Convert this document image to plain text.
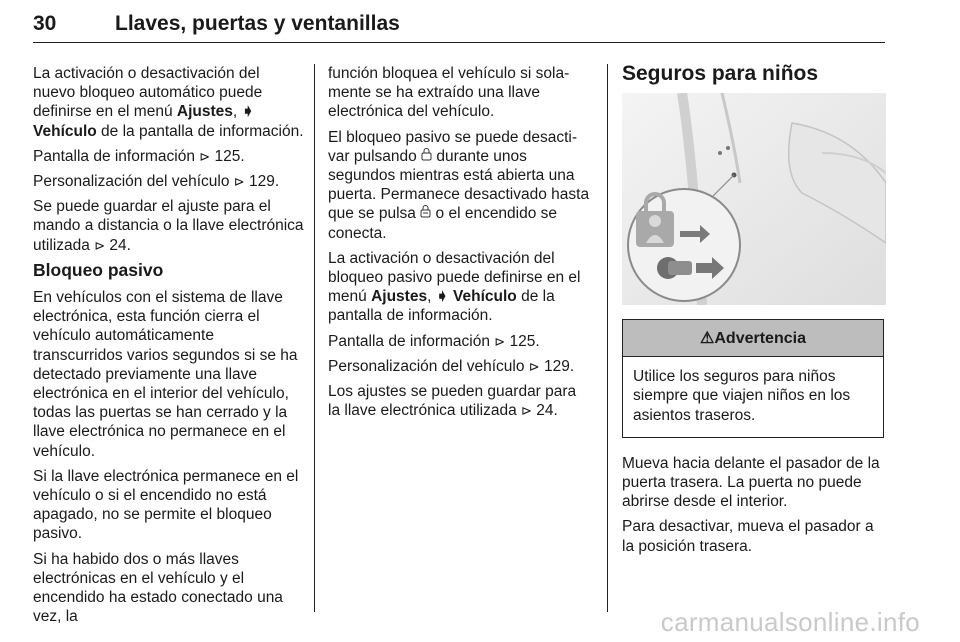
30	Llaves, puertas y ventanillas

La activación o desactivación del nuevo bloqueo automático puede definirse en el menú Ajustes, ➧ Vehículo de la pantalla de información.

Pantalla de información ⊳ 125.

Personalización del vehículo ⊳ 129.

Se puede guardar el ajuste para el mando a distancia o la llave electrónica utilizada ⊳ 24.

Bloqueo pasivo

En vehículos con el sistema de llave electrónica, esta función cierra el vehículo automáticamente transcurridos varios segundos si se ha detectado previamente una llave electrónica en el interior del vehículo, todas las puertas se han cerrado y la llave electrónica no permanece en el vehículo.

Si la llave electrónica permanece en el vehículo o si el encendido no está apagado, no se permite el bloqueo pasivo.

Si ha habido dos o más llaves electrónicas en el vehículo y el encendido ha estado conectado una vez, la

función bloquea el vehículo si solamente se ha extraído una llave electrónica del vehículo.

El bloqueo pasivo se puede desactivar pulsando  durante unos segundos mientras está abierta una puerta. Permanece desactivado hasta que se pulsa  o el encendido se conecta.

La activación o desactivación del bloqueo pasivo puede definirse en el menú Ajustes, ➧ Vehículo de la pantalla de información.

Pantalla de información ⊳ 125.

Personalización del vehículo ⊳ 129.

Los ajustes se pueden guardar para la llave electrónica utilizada ⊳ 24.

Seguros para niños
⚠ Advertencia
Utilice los seguros para niños siempre que viajen niños en los asientos traseros.

Mueva hacia delante el pasador de la puerta trasera. La puerta no puede abrirse desde el interior.

Para desactivar, mueva el pasador a la posición trasera.

carmanualsonline.info
